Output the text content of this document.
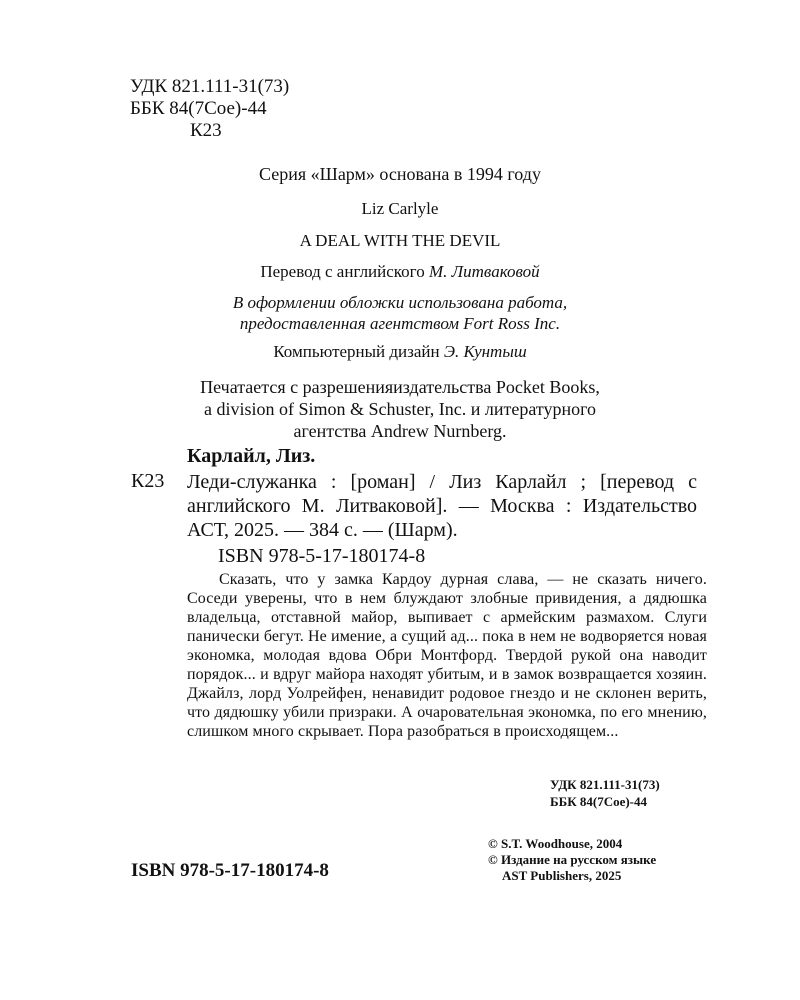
УДК 821.111-31(73)
ББК 84(7Сое)-44
К23
Серия «Шарм» основана в 1994 году
Liz Carlyle
A DEAL WITH THE DEVIL
Перевод с английского М. Литваковой
В оформлении обложки использована работа,
предоставленная агентством Fort Ross Inc.
Компьютерный дизайн Э. Кунтыш
Печатается с разрешенияиздательства Pocket Books,
a division of Simon & Schuster, Inc. и литературного
агентства Andrew Nurnberg.
Карлайл, Лиз.
К23 Леди-служанка : [роман] / Лиз Карлайл ; [перевод с английского М. Литваковой]. — Москва : Издательство АСТ, 2025. — 384 с. — (Шарм).
ISBN 978-5-17-180174-8
Сказать, что у замка Кардоу дурная слава, — не сказать ничего. Соседи уверены, что в нем блуждают злобные привидения, а дядюшка владельца, отставной майор, выпивает с армейским размахом. Слуги панически бегут. Не имение, а сущий ад... пока в нем не водворяется новая экономка, молодая вдова Обри Монтфорд. Твердой рукой она наводит порядок... и вдруг майора находят убитым, и в замок возвращается хозяин. Джайлз, лорд Уолрейфен, ненавидит родовое гнездо и не склонен верить, что дядюшку убили призраки. А очаровательная экономка, по его мнению, слишком много скрывает. Пора разобраться в происходящем...
УДК 821.111-31(73)
ББК 84(7Сое)-44
© S.T. Woodhouse, 2004
© Издание на русском языке
AST Publishers, 2025
ISBN 978-5-17-180174-8
